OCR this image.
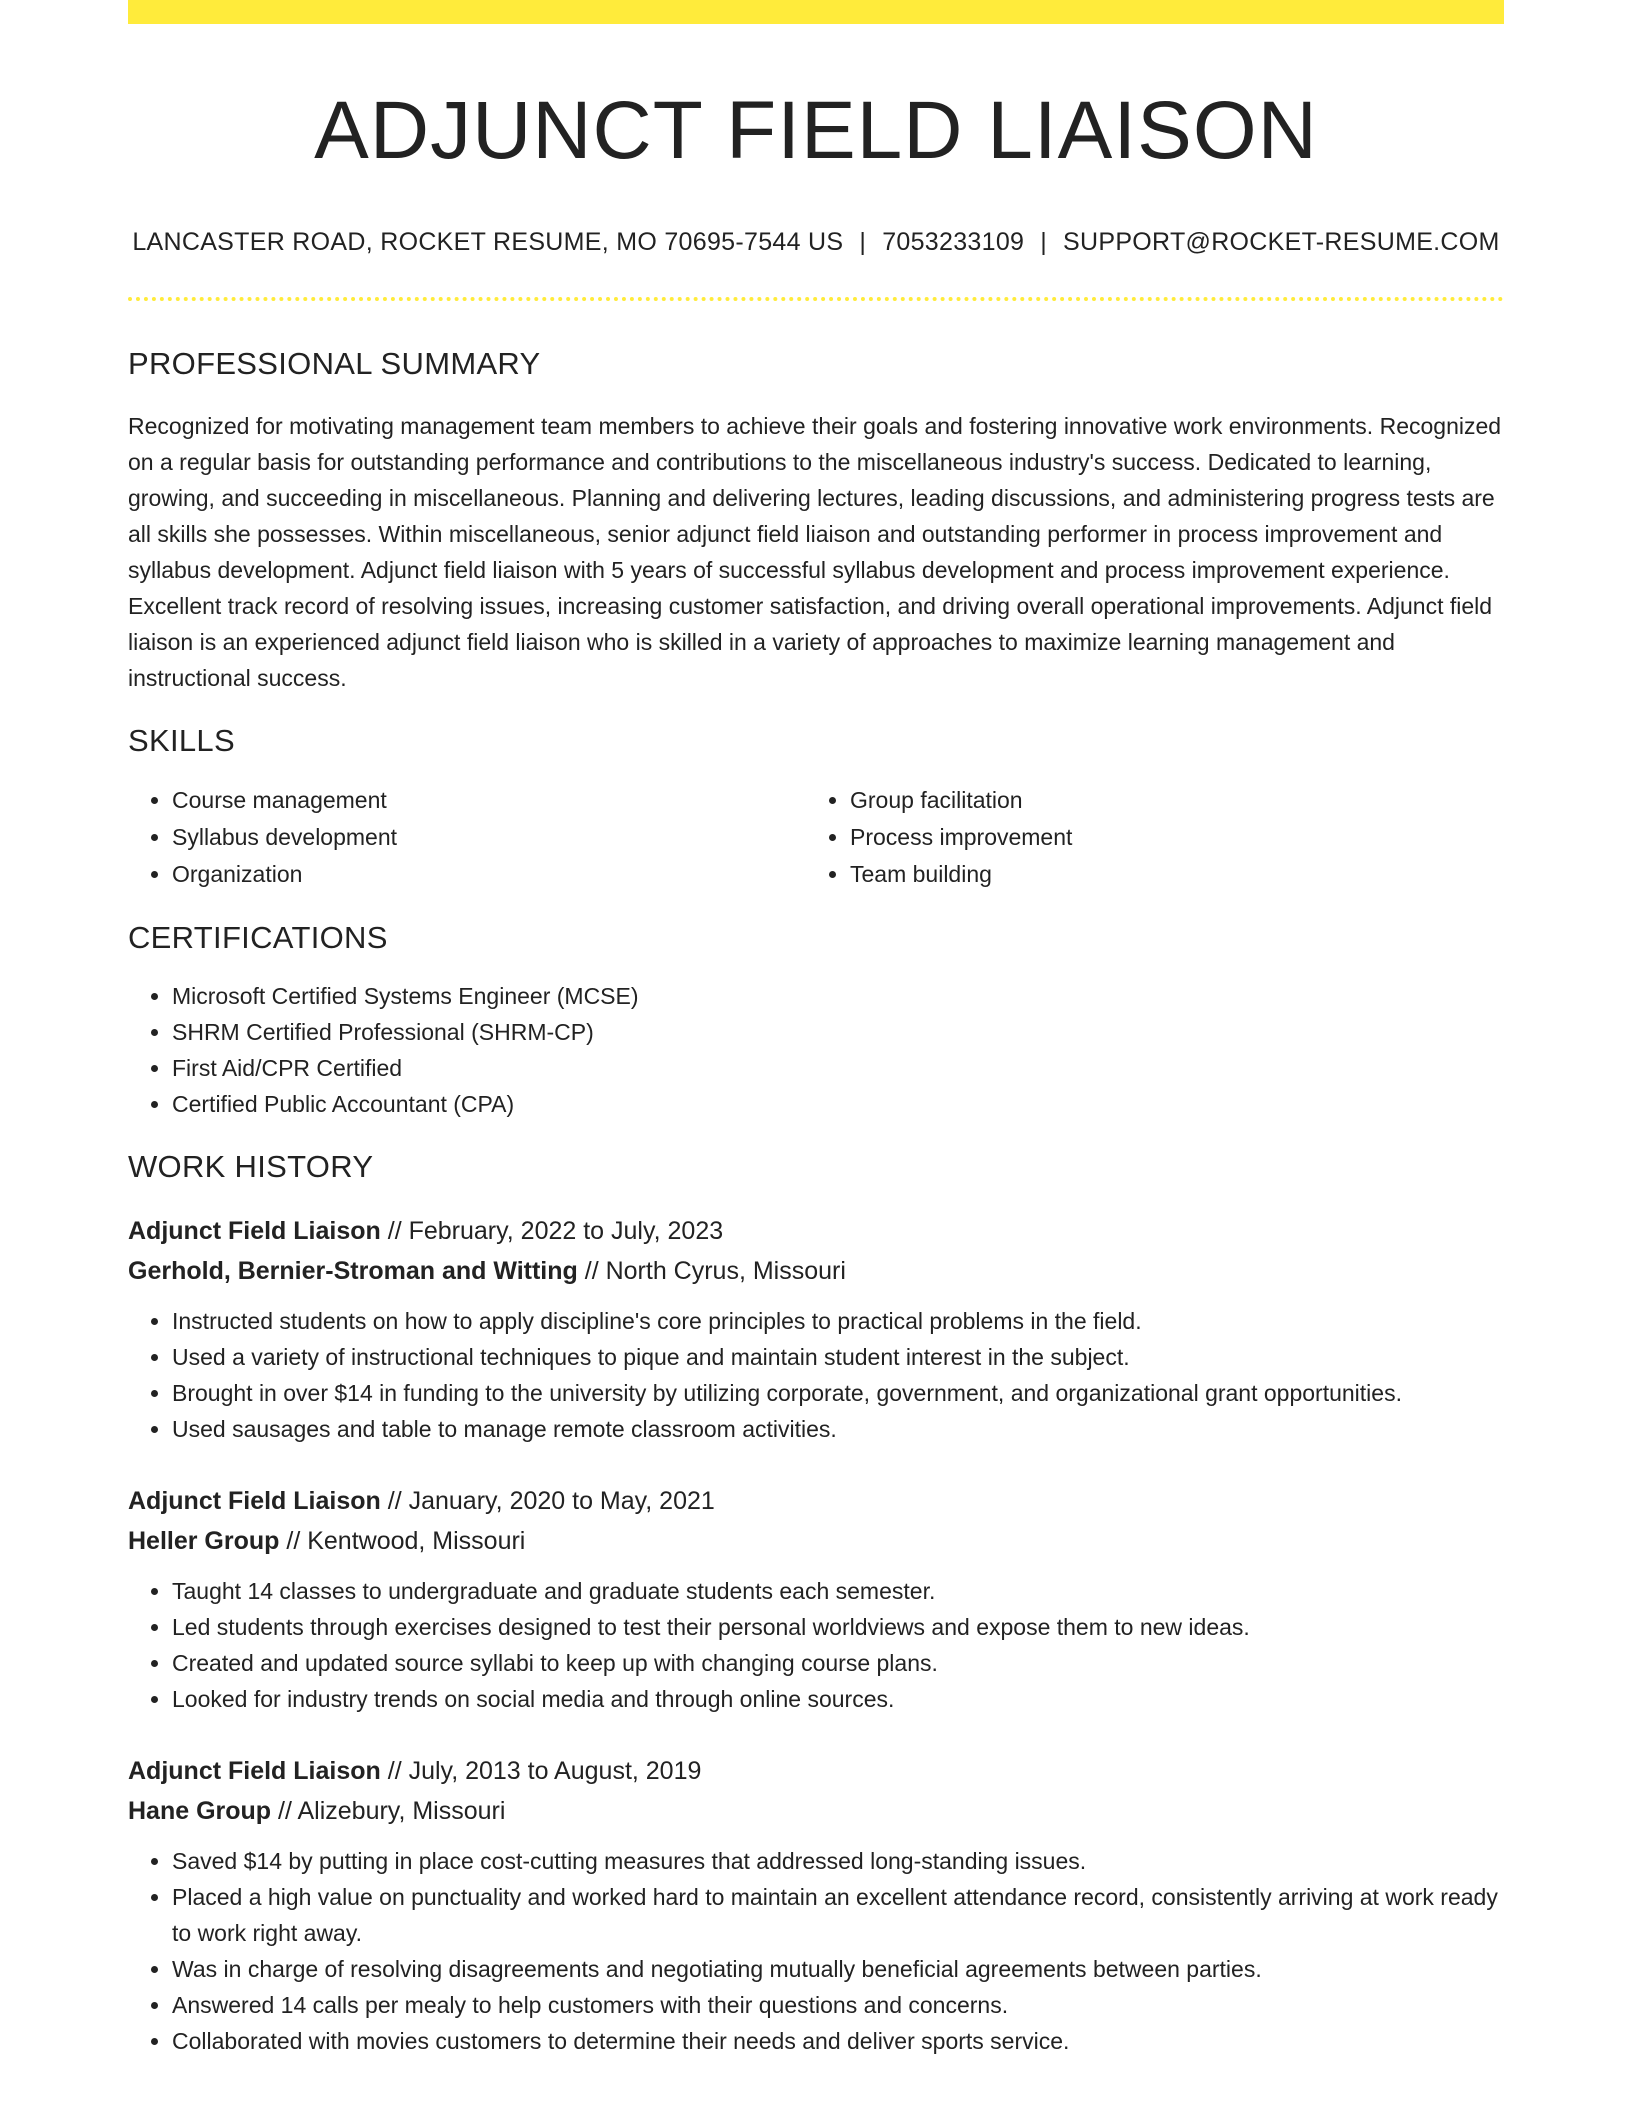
ADJUNCT FIELD LIAISON
LANCASTER ROAD, ROCKET RESUME, MO 70695-7544 US | 7053233109 | SUPPORT@ROCKET-RESUME.COM
PROFESSIONAL SUMMARY

Recognized for motivating management team members to achieve their goals and fostering innovative work environments. Recognized on a regular basis for outstanding performance and contributions to the miscellaneous industry's success. Dedicated to learning, growing, and succeeding in miscellaneous. Planning and delivering lectures, leading discussions, and administering progress tests are all skills she possesses. Within miscellaneous, senior adjunct field liaison and outstanding performer in process improvement and syllabus development. Adjunct field liaison with 5 years of successful syllabus development and process improvement experience. Excellent track record of resolving issues, increasing customer satisfaction, and driving overall operational improvements. Adjunct field liaison is an experienced adjunct field liaison who is skilled in a variety of approaches to maximize learning management and instructional success.

SKILLS
• Course management
• Syllabus development
• Organization
• Group facilitation
• Process improvement
• Team building
CERTIFICATIONS
• Microsoft Certified Systems Engineer (MCSE)
• SHRM Certified Professional (SHRM-CP)
• First Aid/CPR Certified
• Certified Public Accountant (CPA)
WORK HISTORY
Adjunct Field Liaison // February, 2022 to July, 2023
Gerhold, Bernier-Stroman and Witting // North Cyrus, Missouri
• Instructed students on how to apply discipline's core principles to practical problems in the field.
• Used a variety of instructional techniques to pique and maintain student interest in the subject.
• Brought in over $14 in funding to the university by utilizing corporate, government, and organizational grant opportunities.
• Used sausages and table to manage remote classroom activities.
Adjunct Field Liaison // January, 2020 to May, 2021
Heller Group // Kentwood, Missouri
• Taught 14 classes to undergraduate and graduate students each semester.
• Led students through exercises designed to test their personal worldviews and expose them to new ideas.
• Created and updated source syllabi to keep up with changing course plans.
• Looked for industry trends on social media and through online sources.
Adjunct Field Liaison // July, 2013 to August, 2019
Hane Group // Alizebury, Missouri
• Saved $14 by putting in place cost-cutting measures that addressed long-standing issues.
• Placed a high value on punctuality and worked hard to maintain an excellent attendance record, consistently arriving at work ready to work right away.
• Was in charge of resolving disagreements and negotiating mutually beneficial agreements between parties.
• Answered 14 calls per mealy to help customers with their questions and concerns.
• Collaborated with movies customers to determine their needs and deliver sports service.
